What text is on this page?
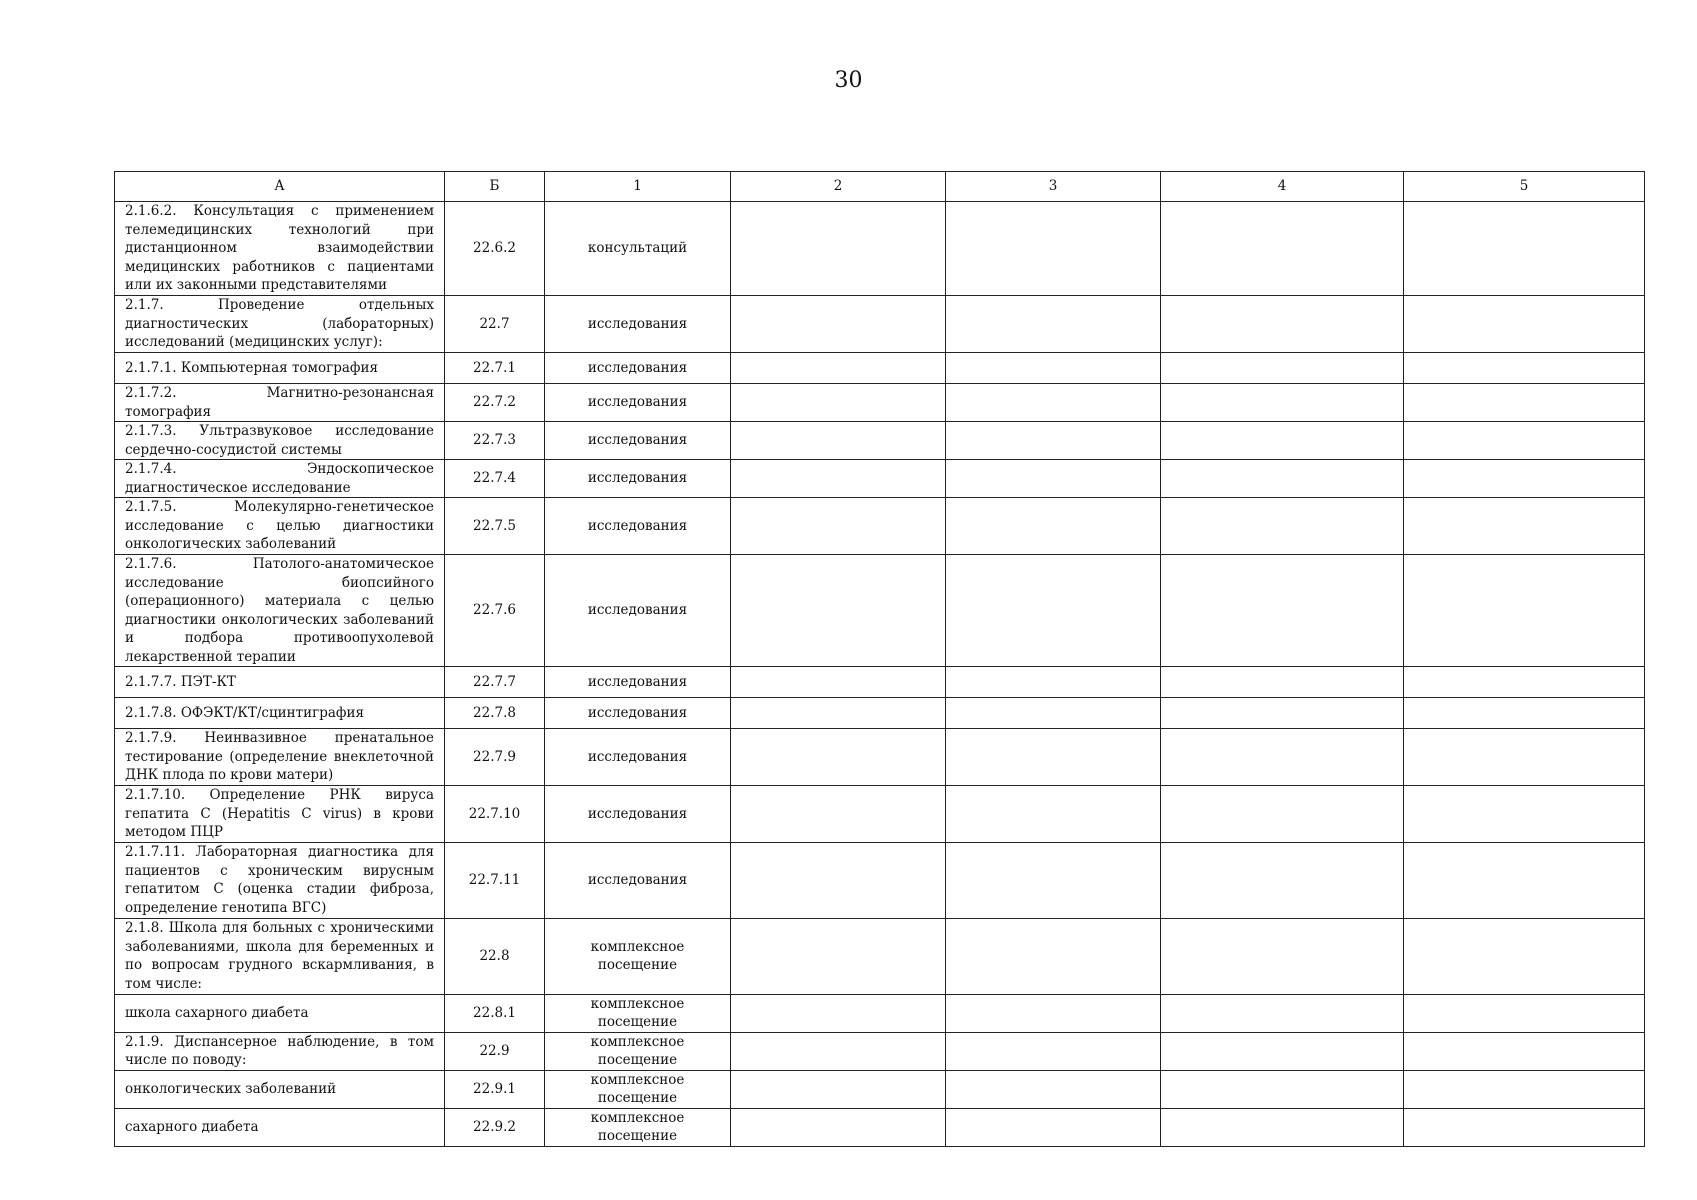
30
А	Б	1	2	3	4	5
2.1.6.2. Консультация с применением телемедицинских технологий при дистанционном взаимодействии медицинских работников с пациентами или их законными представителями	22.6.2	консультаций				
2.1.7. Проведение отдельных диагностических (лабораторных) исследований (медицинских услуг):	22.7	исследования				
2.1.7.1. Компьютерная томография	22.7.1	исследования				
2.1.7.2. Магнитно-резонансная томография	22.7.2	исследования				
2.1.7.3. Ультразвуковое исследование сердечно-сосудистой системы	22.7.3	исследования				
2.1.7.4. Эндоскопическое диагностическое исследование	22.7.4	исследования				
2.1.7.5. Молекулярно-генетическое исследование с целью диагностики онкологических заболеваний	22.7.5	исследования				
2.1.7.6. Патолого-анатомическое исследование биопсийного (операционного) материала с целью диагностики онкологических заболеваний и подбора противоопухолевой лекарственной терапии	22.7.6	исследования				
2.1.7.7. ПЭТ-КТ	22.7.7	исследования				
2.1.7.8. ОФЭКТ/КТ/сцинтиграфия	22.7.8	исследования				
2.1.7.9. Неинвазивное пренатальное тестирование (определение внеклеточной ДНК плода по крови матери)	22.7.9	исследования				
2.1.7.10. Определение РНК вируса гепатита С (Hepatitis C virus) в крови методом ПЦР	22.7.10	исследования				
2.1.7.11. Лабораторная диагностика для пациентов с хроническим вирусным гепатитом С (оценка стадии фиброза, определение генотипа ВГС)	22.7.11	исследования				
2.1.8. Школа для больных с хроническими заболеваниями, школа для беременных и по вопросам грудного вскармливания, в том числе:	22.8	комплексное посещение				
школа сахарного диабета	22.8.1	комплексное посещение				
2.1.9. Диспансерное наблюдение, в том числе по поводу:	22.9	комплексное посещение				
онкологических заболеваний	22.9.1	комплексное посещение				
сахарного диабета	22.9.2	комплексное посещение				
